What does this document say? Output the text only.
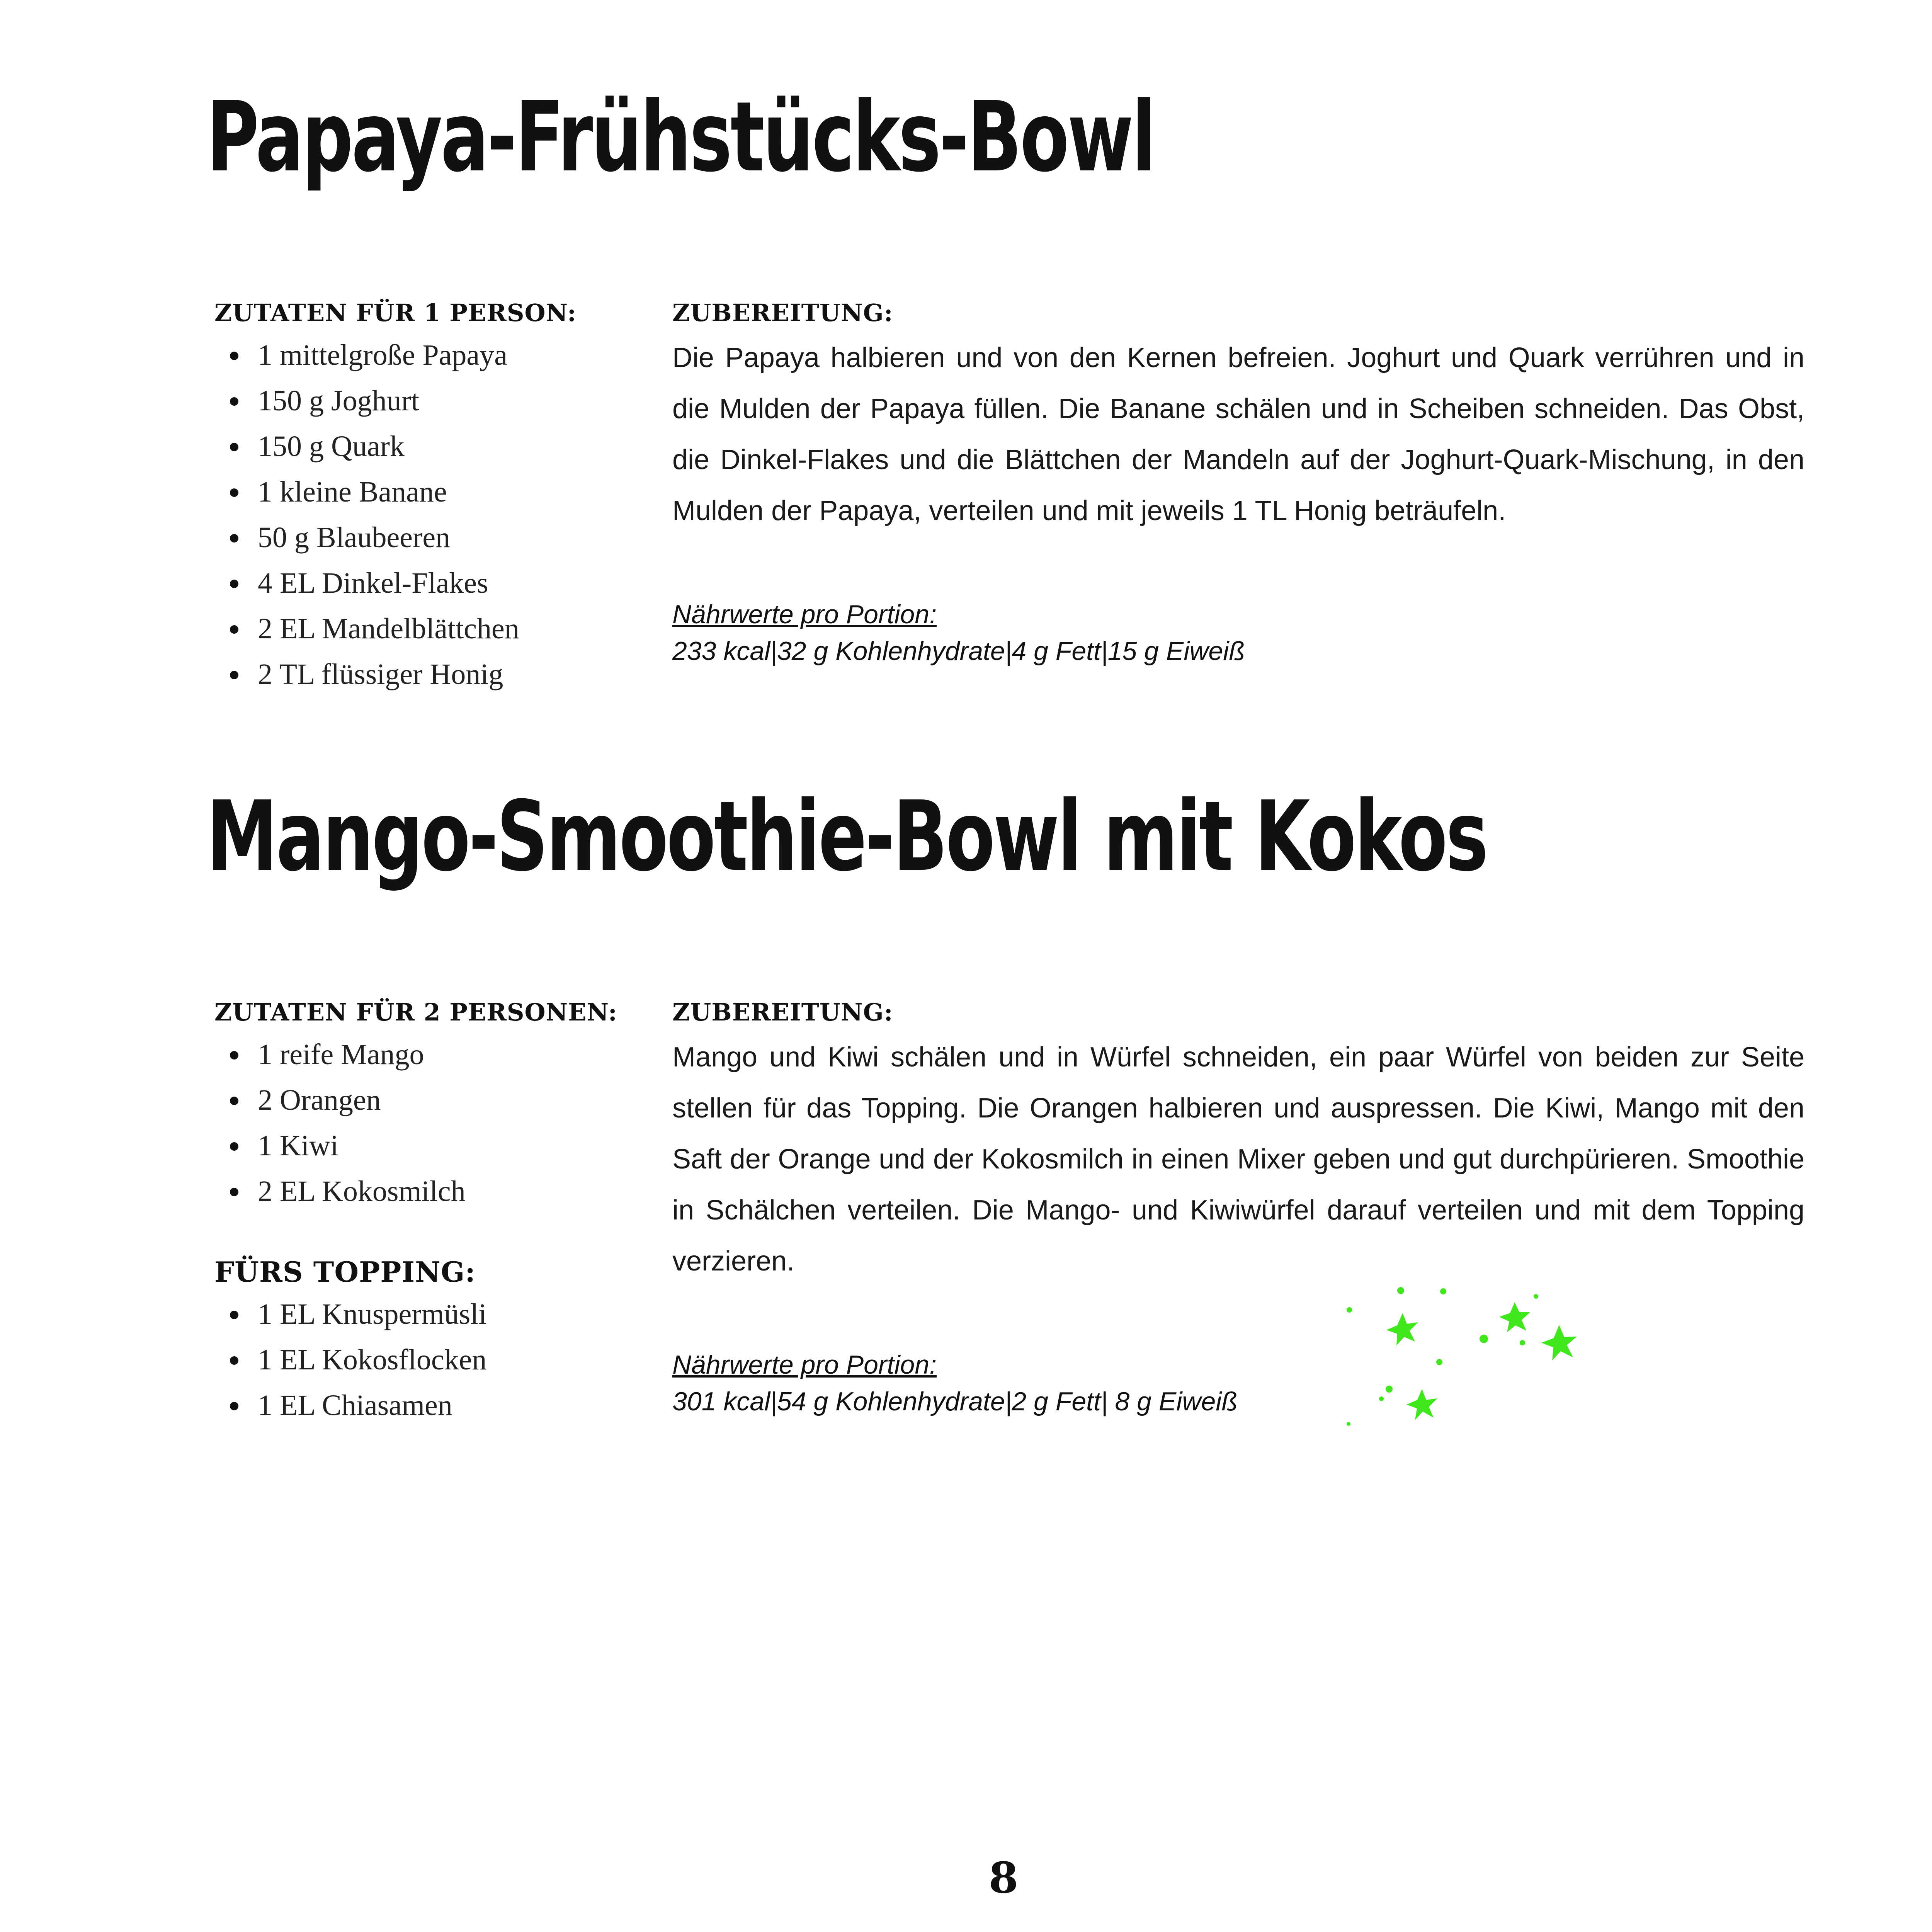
Papaya-Frühstücks-Bowl
ZUTATEN FÜR 1 PERSON:
1 mittelgroße Papaya
150 g Joghurt
150 g Quark
1 kleine Banane
50 g Blaubeeren
4 EL Dinkel-Flakes
2 EL Mandelblättchen
2 TL flüssiger Honig
ZUBEREITUNG:

Die Papaya halbieren und von den Kernen befreien. Joghurt und Quark verrühren und in die Mulden der Papaya füllen. Die Banane schälen und in Scheiben schneiden. Das Obst, die Dinkel-Flakes und die Blättchen der Mandeln auf der Joghurt-Quark-Mischung, in den Mulden der Papaya, verteilen und mit jeweils 1 TL Honig beträufeln.

Nährwerte pro Portion:
233 kcal|32 g Kohlenhydrate|4 g Fett|15 g Eiweiß
Mango-Smoothie-Bowl mit Kokos
ZUTATEN FÜR 2 PERSONEN:
1 reife Mango
2 Orangen
1 Kiwi
2 EL Kokosmilch
FÜRS TOPPING:
1 EL Knuspermüsli
1 EL Kokosflocken
1 EL Chiasamen
ZUBEREITUNG:

Mango und Kiwi schälen und in Würfel schneiden, ein paar Würfel von beiden zur Seite stellen für das Topping. Die Orangen halbieren und auspressen. Die Kiwi, Mango mit den Saft der Orange und der Kokosmilch in einen Mixer geben und gut durchpürieren. Smoothie in Schälchen verteilen. Die Mango- und Kiwiwürfel darauf verteilen und mit dem Topping verzieren.

Nährwerte pro Portion:
301 kcal|54 g Kohlenhydrate|2 g Fett| 8 g Eiweiß
8
